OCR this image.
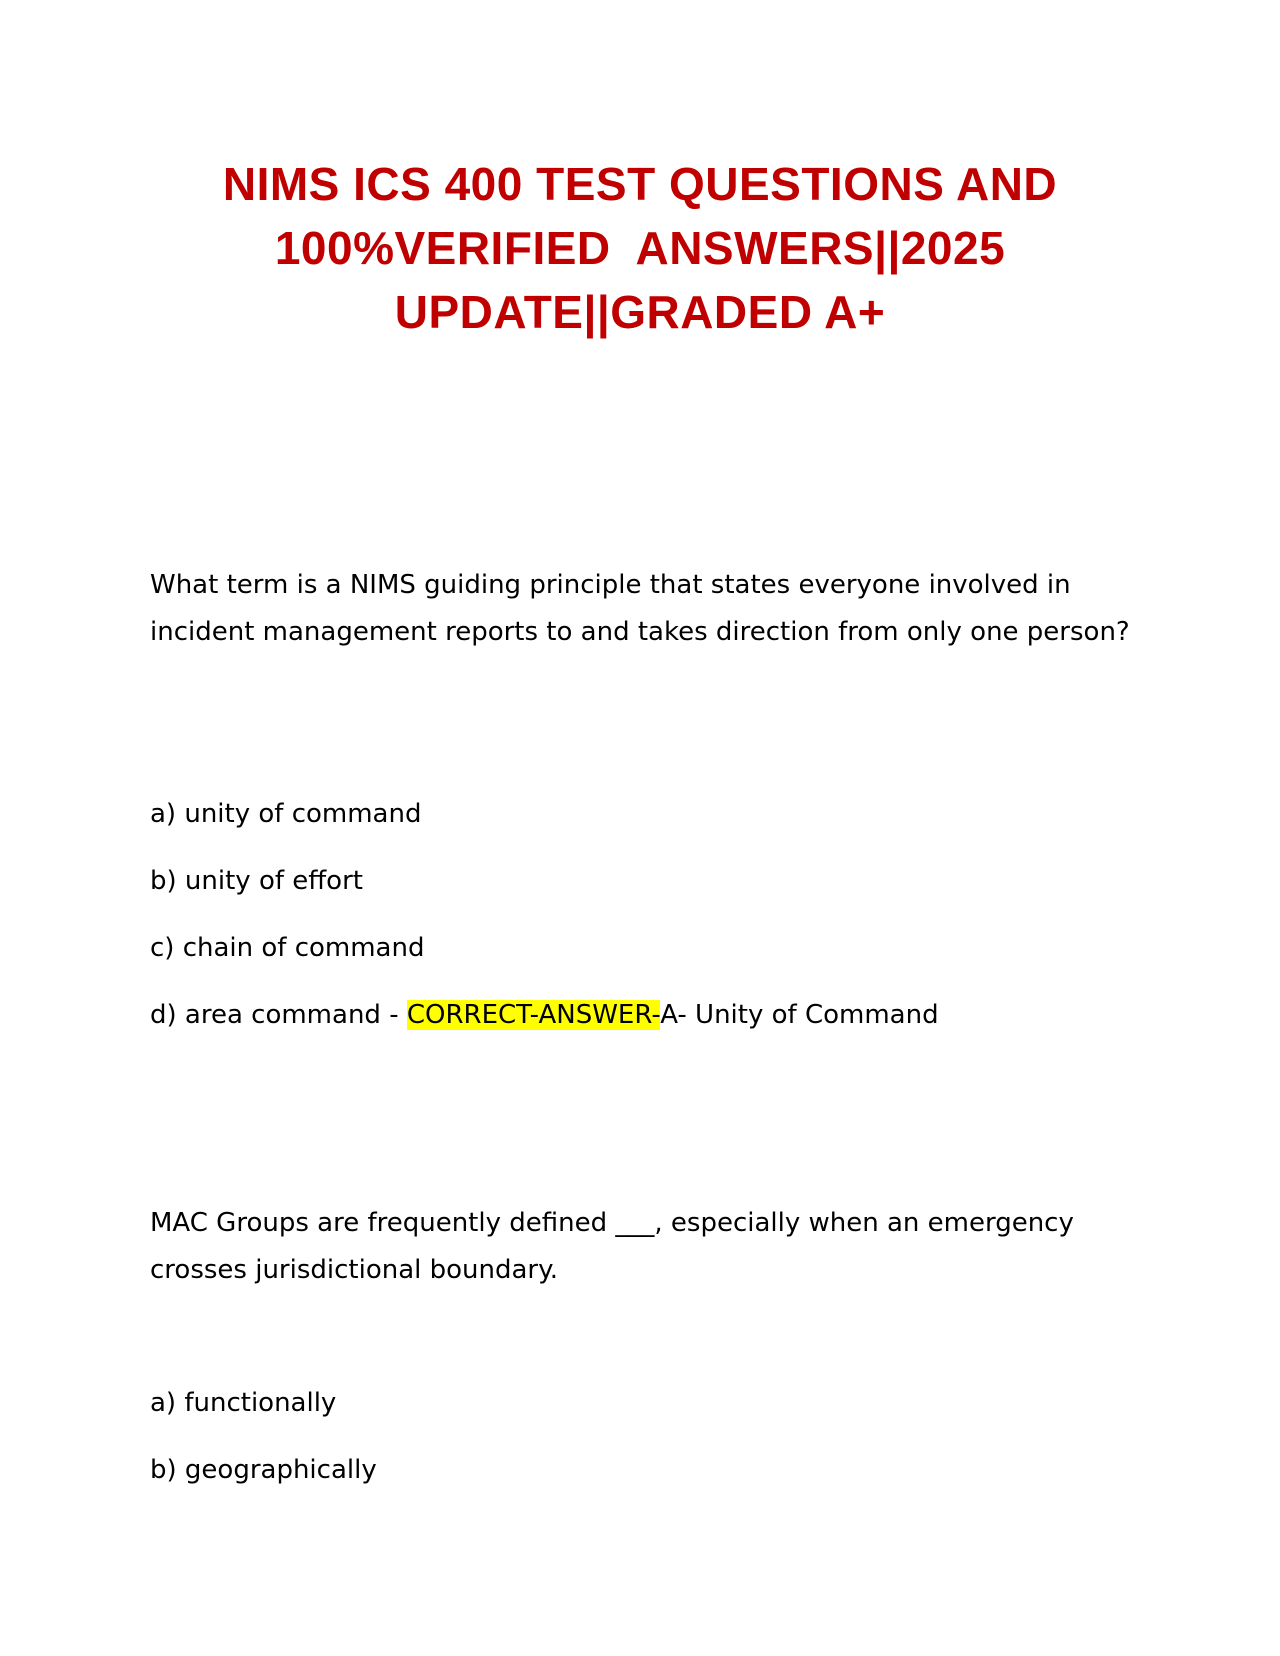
NIMS ICS 400 TEST QUESTIONS AND
100%VERIFIED  ANSWERS||2025
UPDATE||GRADED A+

What term is a NIMS guiding principle that states everyone involved in incident management reports to and takes direction from only one person?

a) unity of command

b) unity of effort

c) chain of command

d) area command - CORRECT-ANSWER-A- Unity of Command

MAC Groups are frequently defined ___, especially when an emergency crosses jurisdictional boundary.

a) functionally

b) geographically
